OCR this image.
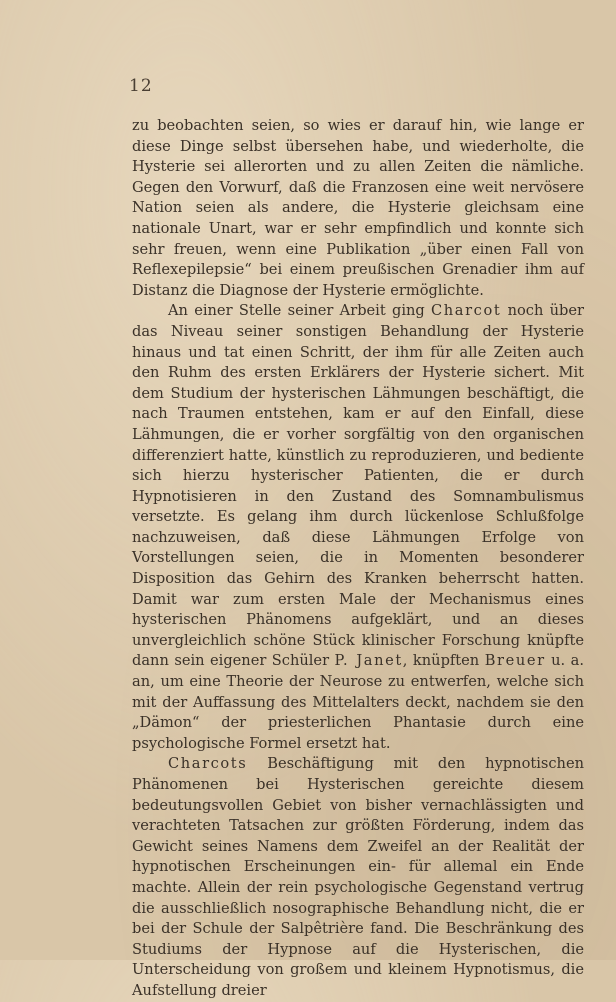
12

zu beobachten seien, so wies er darauf hin, wie lange er diese Dinge selbst übersehen habe, und wiederholte, die Hysterie sei allerorten und zu allen Zeiten die nämliche. Gegen den Vorwurf, daß die Franzosen eine weit nervösere Nation seien als andere, die Hysterie gleichsam eine nationale Unart, war er sehr empfindlich und konnte sich sehr freuen, wenn eine Publikation „über einen Fall von Reflexepilepsie“ bei einem preußischen Grenadier ihm auf Distanz die Diagnose der Hysterie ermöglichte.

An einer Stelle seiner Arbeit ging Charcot noch über das Niveau seiner sonstigen Behandlung der Hysterie hinaus und tat einen Schritt, der ihm für alle Zeiten auch den Ruhm des ersten Erklärers der Hysterie sichert. Mit dem Studium der hysterischen Lähmungen beschäftigt, die nach Traumen entstehen, kam er auf den Einfall, diese Lähmungen, die er vorher sorgfältig von den organischen differenziert hatte, künstlich zu reproduzieren, und bediente sich hierzu hysterischer Patienten, die er durch Hypnotisieren in den Zustand des Somnambulismus versetzte. Es gelang ihm durch lückenlose Schlußfolge nachzuweisen, daß diese Lähmungen Erfolge von Vorstellungen seien, die in Momenten besonderer Disposition das Gehirn des Kranken beherrscht hatten. Damit war zum ersten Male der Mechanismus eines hysterischen Phänomens aufgeklärt, und an dieses unvergleichlich schöne Stück klinischer Forschung knüpfte dann sein eigener Schüler P. Janet, knüpften Breuer u. a. an, um eine Theorie der Neurose zu entwerfen, welche sich mit der Auffassung des Mittelalters deckt, nachdem sie den „Dämon“ der priesterlichen Phantasie durch eine psychologische Formel ersetzt hat.

Charcots Beschäftigung mit den hypnotischen Phänomenen bei Hysterischen gereichte diesem bedeutungsvollen Gebiet von bisher vernachlässigten und verachteten Tatsachen zur größten Förderung, indem das Gewicht seines Namens dem Zweifel an der Realität der hypnotischen Erscheinungen ein- für allemal ein Ende machte. Allein der rein psychologische Gegenstand vertrug die ausschließlich nosographische Behandlung nicht, die er bei der Schule der Salpêtrière fand. Die Beschränkung des Studiums der Hypnose auf die Hysterischen, die Unterscheidung von großem und kleinem Hypnotismus, die Aufstellung dreier
